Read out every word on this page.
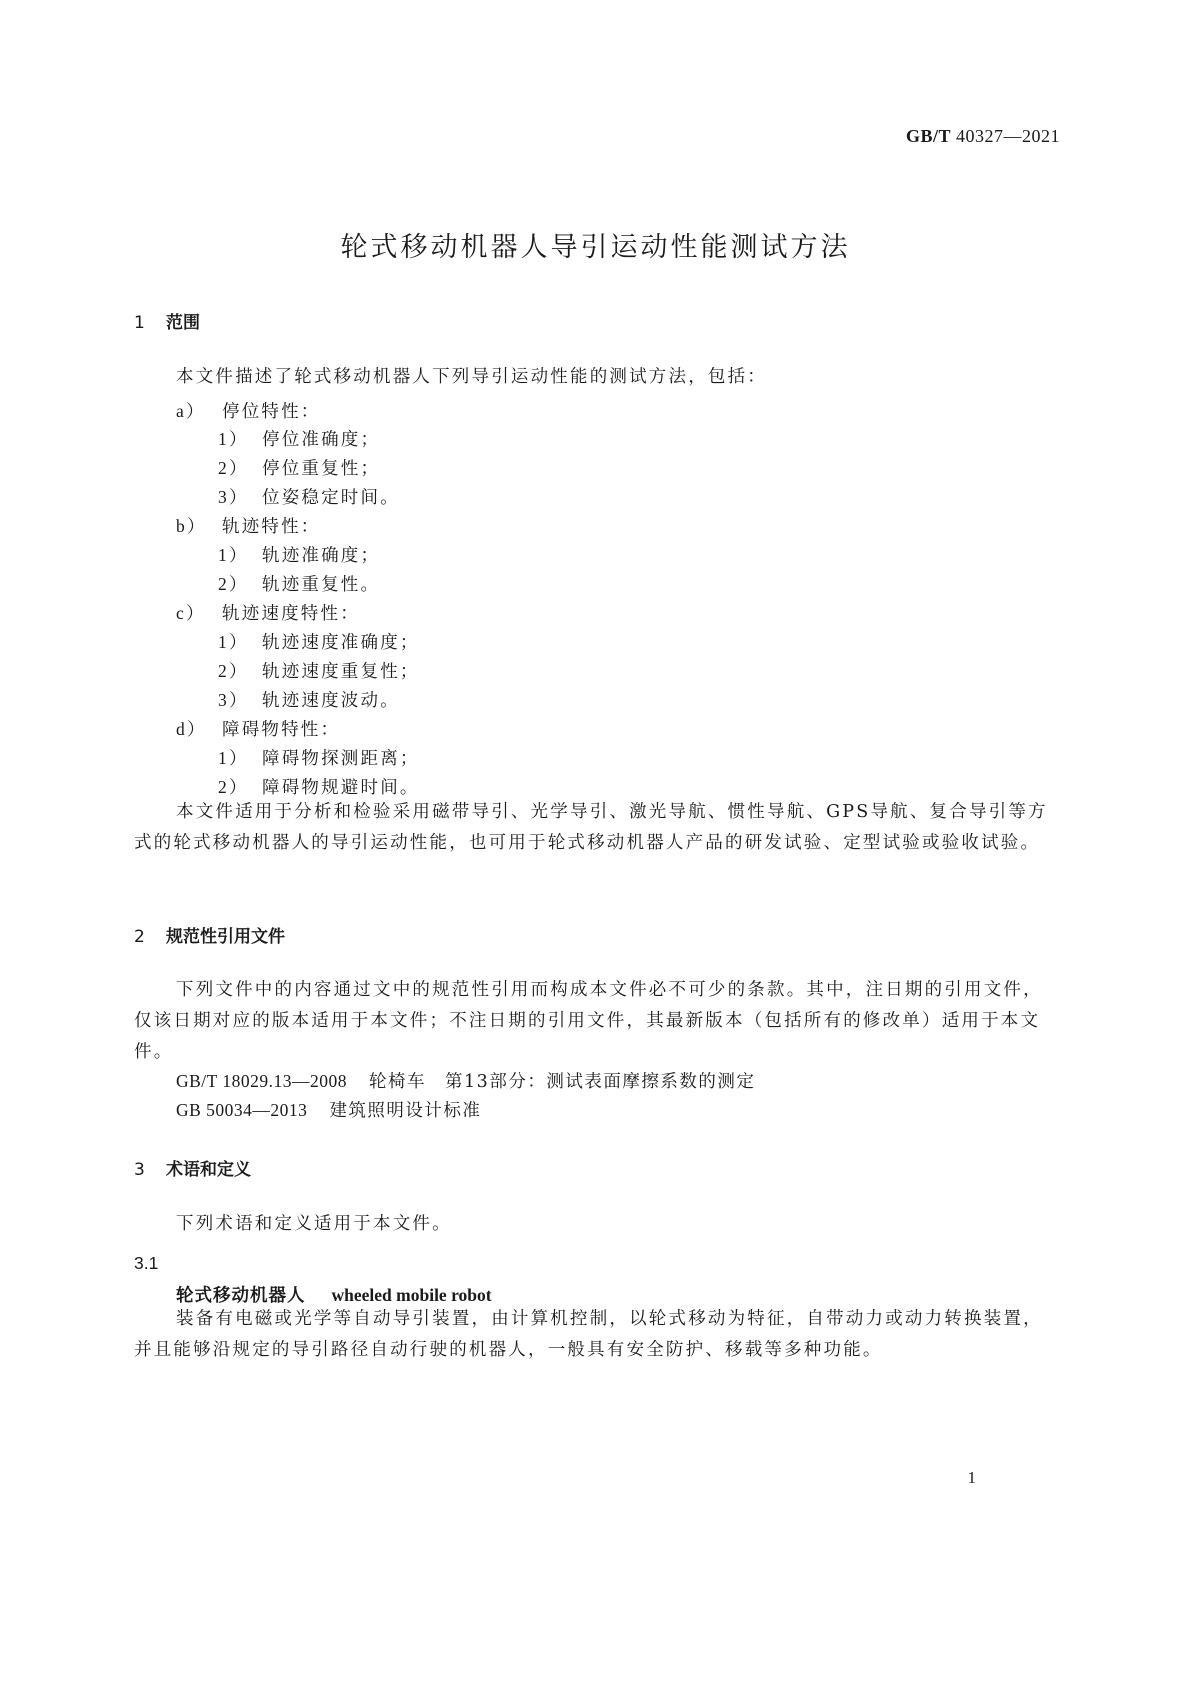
GB/T 40327—2021
轮式移动机器人导引运动性能测试方法
1 范围
本文件描述了轮式移动机器人下列导引运动性能的测试方法，包括：
a） 停位特性：
1） 停位准确度；
2） 停位重复性；
3） 位姿稳定时间。
b） 轨迹特性：
1） 轨迹准确度；
2） 轨迹重复性。
c） 轨迹速度特性：
1） 轨迹速度准确度；
2） 轨迹速度重复性；
3） 轨迹速度波动。
d） 障碍物特性：
1） 障碍物探测距离；
2） 障碍物规避时间。
本文件适用于分析和检验采用磁带导引、光学导引、激光导航、惯性导航、GPS导航、复合导引等方式的轮式移动机器人的导引运动性能，也可用于轮式移动机器人产品的研发试验、定型试验或验收试验。
2 规范性引用文件
下列文件中的内容通过文中的规范性引用而构成本文件必不可少的条款。其中，注日期的引用文件，仅该日期对应的版本适用于本文件；不注日期的引用文件，其最新版本（包括所有的修改单）适用于本文件。
GB/T 18029.13—2008 轮椅车　第13部分：测试表面摩擦系数的测定
GB 50034—2013 建筑照明设计标准
3 术语和定义
下列术语和定义适用于本文件。
3.1
轮式移动机器人 wheeled mobile robot
装备有电磁或光学等自动导引装置，由计算机控制，以轮式移动为特征，自带动力或动力转换装置，并且能够沿规定的导引路径自动行驶的机器人，一般具有安全防护、移载等多种功能。
1
